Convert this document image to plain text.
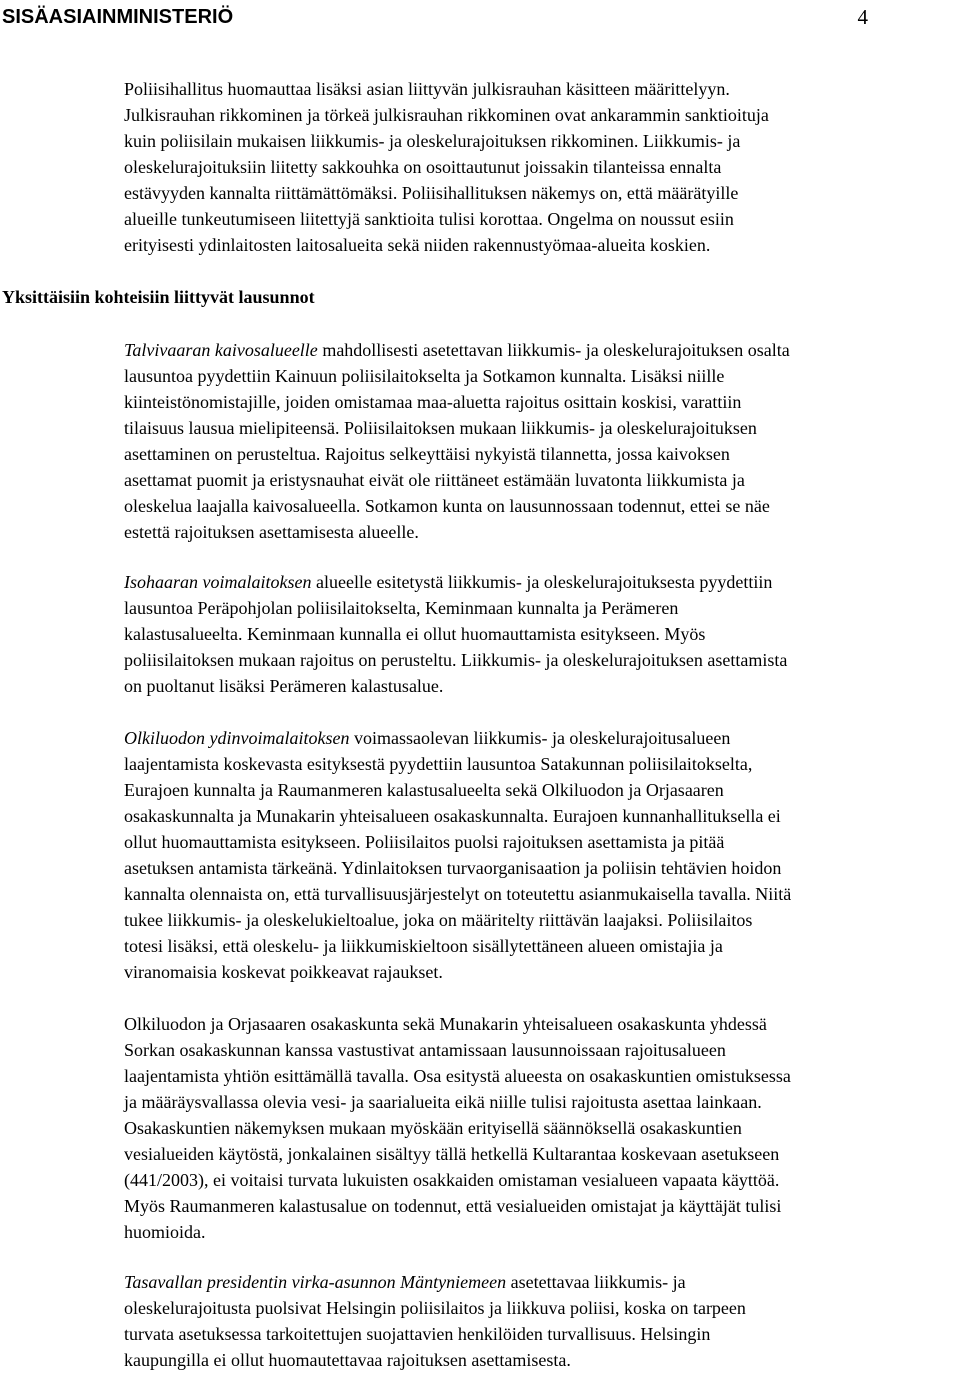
SISÄASIAINMINISTERIÖ	4

Poliisihallitus huomauttaa lisäksi asian liittyvän julkisrauhan käsitteen määrittelyyn.
Julkisrauhan rikkominen ja törkeä julkisrauhan rikkominen ovat ankarammin sanktioituja
kuin poliisilain mukaisen liikkumis- ja oleskelurajoituksen rikkominen. Liikkumis- ja
oleskelurajoituksiin liitetty sakkouhka on osoittautunut joissakin tilanteissa ennalta
estävyyden kannalta riittämättömäksi. Poliisihallituksen näkemys on, että määrätyille
alueille tunkeutumiseen liitettyjä sanktioita tulisi korottaa. Ongelma on noussut esiin
erityisesti ydinlaitosten laitosalueita sekä niiden rakennustyömaa-alueita koskien.

Yksittäisiin kohteisiin liittyvät lausunnot

Talvivaaran kaivosalueelle mahdollisesti asetettavan liikkumis- ja oleskelurajoituksen osalta
lausuntoa pyydettiin Kainuun poliisilaitokselta ja Sotkamon kunnalta. Lisäksi niille
kiinteistönomistajille, joiden omistamaa maa-aluetta rajoitus osittain koskisi, varattiin
tilaisuus lausua mielipiteensä. Poliisilaitoksen mukaan liikkumis- ja oleskelurajoituksen
asettaminen on perusteltua. Rajoitus selkeyttäisi nykyistä tilannetta, jossa kaivoksen
asettamat puomit ja eristysnauhat eivät ole riittäneet estämään luvatonta liikkumista ja
oleskelua laajalla kaivosalueella. Sotkamon kunta on lausunnossaan todennut, ettei se näe
estettä rajoituksen asettamisesta alueelle.

Isohaaran voimalaitoksen alueelle esitetystä liikkumis- ja oleskelurajoituksesta pyydettiin
lausuntoa Peräpohjolan poliisilaitokselta, Keminmaan kunnalta ja Perämeren
kalastusalueelta. Keminmaan kunnalla ei ollut huomauttamista esitykseen. Myös
poliisilaitoksen mukaan rajoitus on perusteltu. Liikkumis- ja oleskelurajoituksen asettamista
on puoltanut lisäksi Perämeren kalastusalue.

Olkiluodon ydinvoimalaitoksen voimassaolevan liikkumis- ja oleskelurajoitusalueen
laajentamista koskevasta esityksestä pyydettiin lausuntoa Satakunnan poliisilaitokselta,
Eurajoen kunnalta ja Raumanmeren kalastusalueelta sekä Olkiluodon ja Orjasaaren
osakaskunnalta ja Munakarin yhteisalueen osakaskunnalta. Eurajoen kunnanhallituksella ei
ollut huomauttamista esitykseen. Poliisilaitos puolsi rajoituksen asettamista ja pitää
asetuksen antamista tärkeänä. Ydinlaitoksen turvaorganisaation ja poliisin tehtävien hoidon
kannalta olennaista on, että turvallisuusjärjestelyt on toteutettu asianmukaisella tavalla. Niitä
tukee liikkumis- ja oleskelukieltoalue, joka on määritelty riittävän laajaksi. Poliisilaitos
totesi lisäksi, että oleskelu- ja liikkumiskieltoon sisällytettäneen alueen omistajia ja
viranomaisia koskevat poikkeavat rajaukset.

Olkiluodon ja Orjasaaren osakaskunta sekä Munakarin yhteisalueen osakaskunta yhdessä
Sorkan osakaskunnan kanssa vastustivat antamissaan lausunnoissaan rajoitusalueen
laajentamista yhtiön esittämällä tavalla. Osa esitystä alueesta on osakaskuntien omistuksessa
ja määräysvallassa olevia vesi- ja saarialueita eikä niille tulisi rajoitusta asettaa lainkaan.
Osakaskuntien näkemyksen mukaan myöskään erityisellä säännöksellä osakaskuntien
vesialueiden käytöstä, jonkalainen sisältyy tällä hetkellä Kultarantaa koskevaan asetukseen
(441/2003), ei voitaisi turvata lukuisten osakkaiden omistaman vesialueen vapaata käyttöä.
Myös Raumanmeren kalastusalue on todennut, että vesialueiden omistajat ja käyttäjät tulisi
huomioida.

Tasavallan presidentin virka-asunnon Mäntyniemeen asetettavaa liikkumis- ja
oleskelurajoitusta puolsivat Helsingin poliisilaitos ja liikkuva poliisi, koska on tarpeen
turvata asetuksessa tarkoitettujen suojattavien henkilöiden turvallisuus. Helsingin
kaupungilla ei ollut huomautettavaa rajoituksen asettamisesta.
